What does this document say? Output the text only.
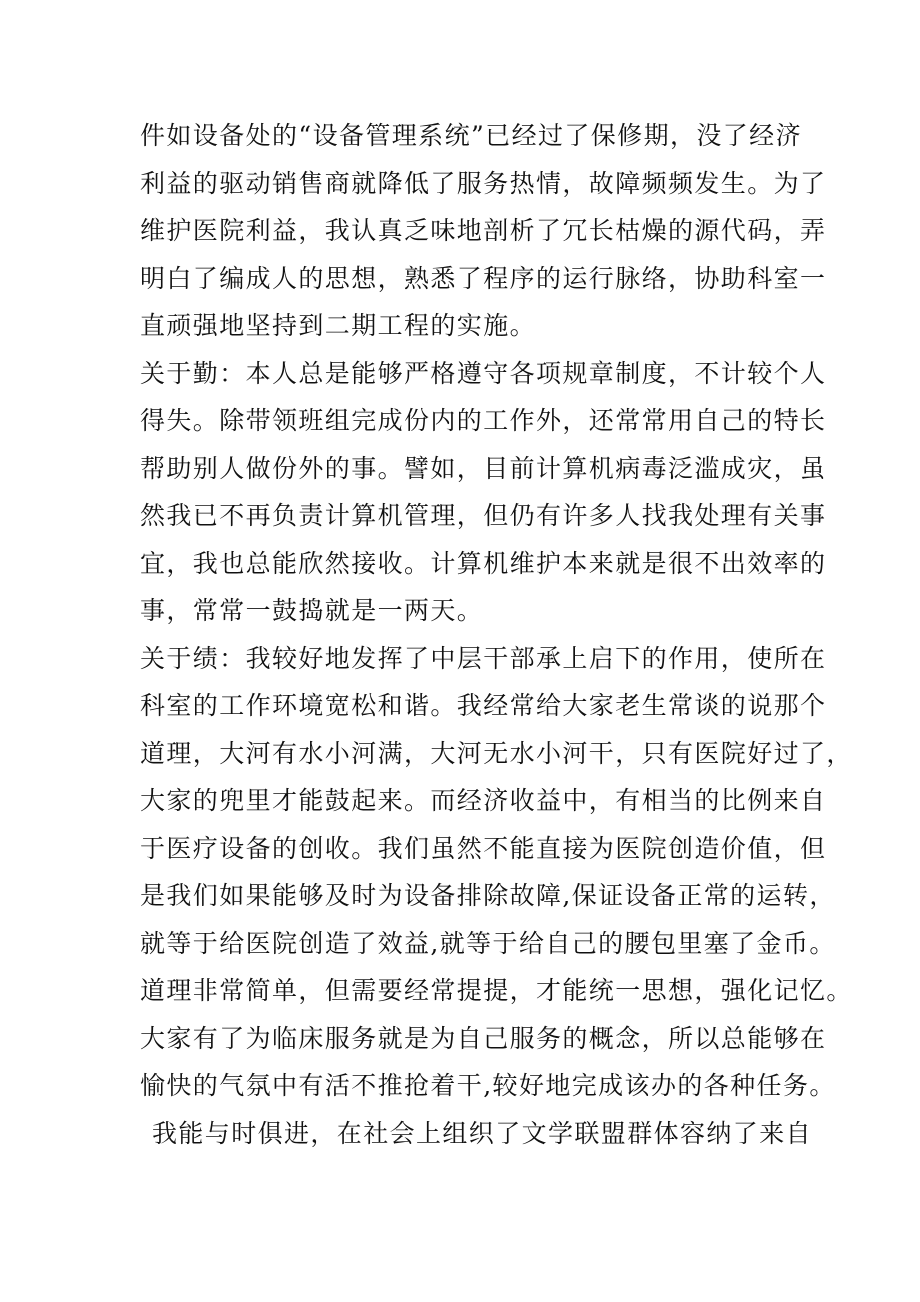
件如设备处的“设备管理系统”已经过了保修期，没了经济
利益的驱动销售商就降低了服务热情，故障频频发生。为了
维护医院利益，我认真乏味地剖析了冗长枯燥的源代码，弄
明白了编成人的思想，熟悉了程序的运行脉络，协助科室一
直顽强地坚持到二期工程的实施。
关于勤：本人总是能够严格遵守各项规章制度，不计较个人
得失。除带领班组完成份内的工作外，还常常用自己的特长
帮助别人做份外的事。譬如，目前计算机病毒泛滥成灾，虽
然我已不再负责计算机管理，但仍有许多人找我处理有关事
宜，我也总能欣然接收。计算机维护本来就是很不出效率的
事，常常一鼓捣就是一两天。
关于绩：我较好地发挥了中层干部承上启下的作用，使所在
科室的工作环境宽松和谐。我经常给大家老生常谈的说那个
道理，大河有水小河满，大河无水小河干，只有医院好过了，
大家的兜里才能鼓起来。而经济收益中，有相当的比例来自
于医疗设备的创收。我们虽然不能直接为医院创造价值，但
是我们如果能够及时为设备排除故障,保证设备正常的运转，
就等于给医院创造了效益,就等于给自己的腰包里塞了金币。
道理非常简单，但需要经常提提，才能统一思想，强化记忆。
大家有了为临床服务就是为自己服务的概念，所以总能够在
愉快的气氛中有活不推抢着干,较好地完成该办的各种任务。
我能与时俱进，在社会上组织了文学联盟群体容纳了来自
